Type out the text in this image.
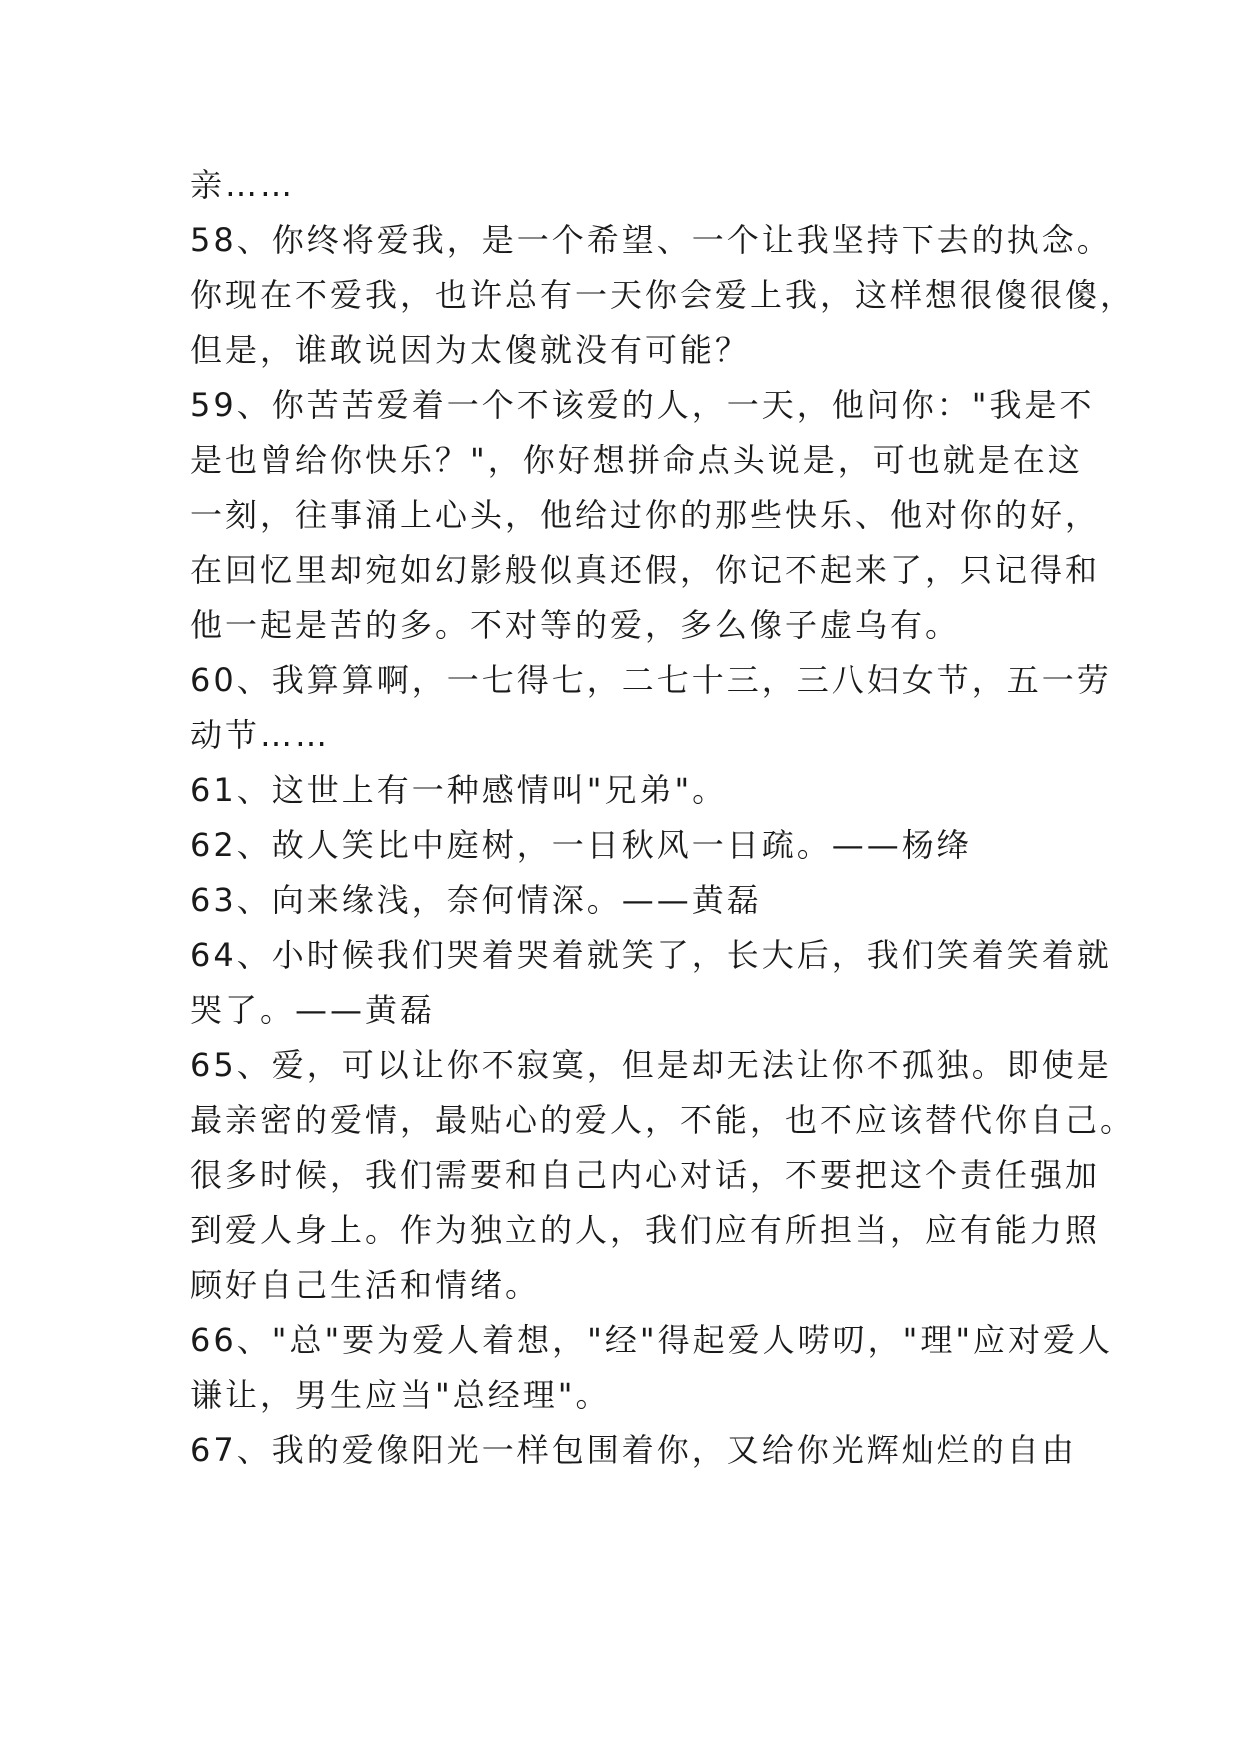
亲……
58、你终将爱我，是一个希望、一个让我坚持下去的执念。
你现在不爱我，也许总有一天你会爱上我，这样想很傻很傻，
但是，谁敢说因为太傻就没有可能？
59、你苦苦爱着一个不该爱的人，一天，他问你："我是不
是也曾给你快乐？"，你好想拼命点头说是，可也就是在这
一刻，往事涌上心头，他给过你的那些快乐、他对你的好，
在回忆里却宛如幻影般似真还假，你记不起来了，只记得和
他一起是苦的多。不对等的爱，多么像子虚乌有。
60、我算算啊，一七得七，二七十三，三八妇女节，五一劳
动节……
61、这世上有一种感情叫"兄弟"。
62、故人笑比中庭树，一日秋风一日疏。——杨绛
63、向来缘浅，奈何情深。——黄磊
64、小时候我们哭着哭着就笑了，长大后，我们笑着笑着就
哭了。——黄磊
65、爱，可以让你不寂寞，但是却无法让你不孤独。即使是
最亲密的爱情，最贴心的爱人，不能，也不应该替代你自己。
很多时候，我们需要和自己内心对话，不要把这个责任强加
到爱人身上。作为独立的人，我们应有所担当，应有能力照
顾好自己生活和情绪。
66、"总"要为爱人着想，"经"得起爱人唠叨，"理"应对爱人
谦让，男生应当"总经理"。
67、我的爱像阳光一样包围着你，又给你光辉灿烂的自由
